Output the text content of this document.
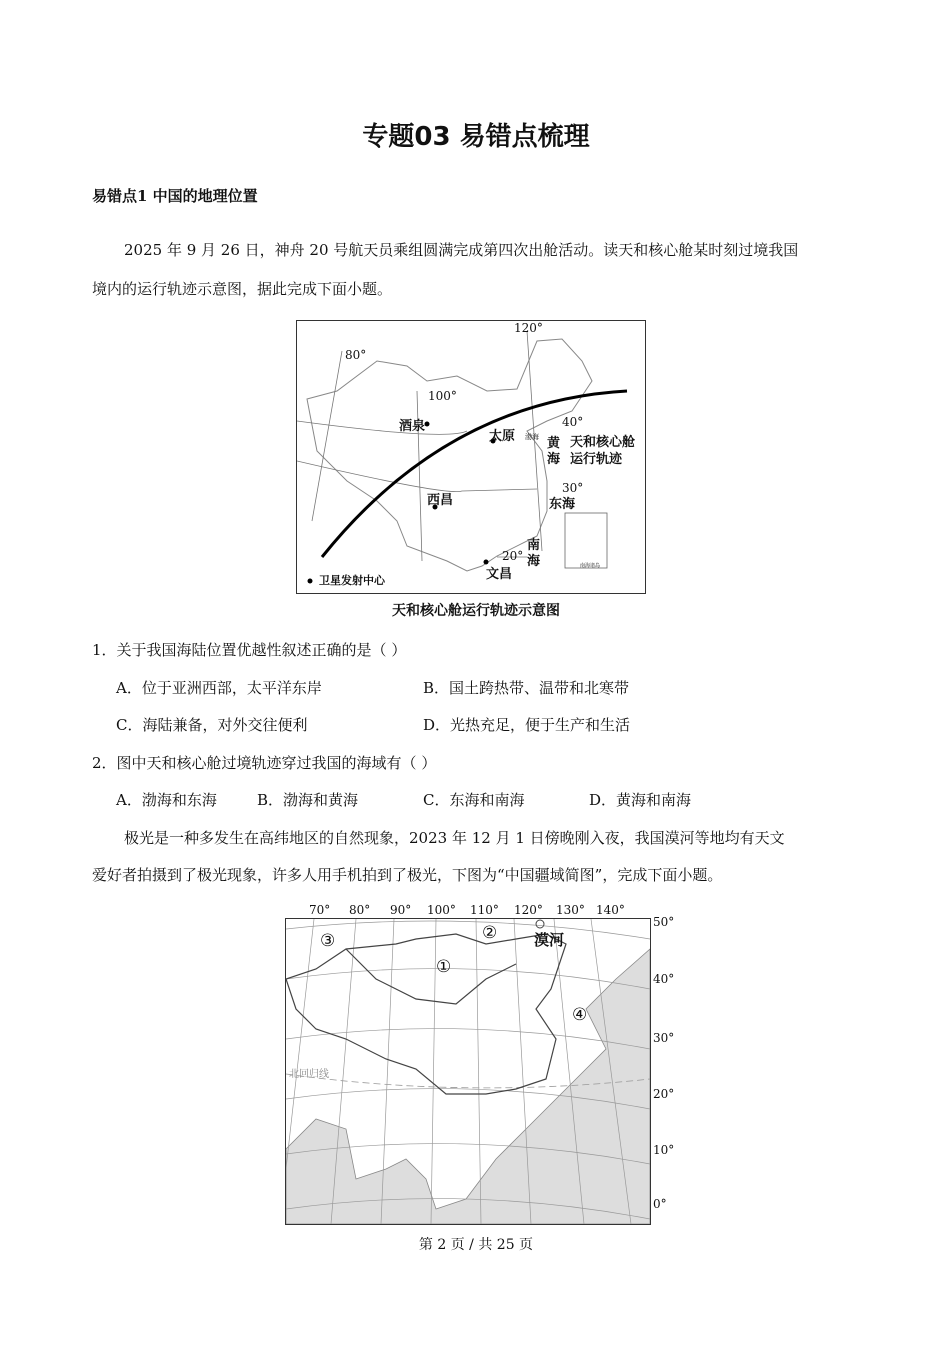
专题03 易错点梳理
易错点1 中国的地理位置
2025 年 9 月 26 日，神舟 20 号航天员乘组圆满完成第四次出舱活动。读天和核心舱某时刻过境我国
境内的运行轨迹示意图，据此完成下面小题。
80°
100°
120°
40°
30°
20°
酒泉
太原
西昌
文昌
黄海
东海
南海
渤海 天和核心舱
运行轨迹
卫星发射中心
南海诸岛
天和核心舱运行轨迹示意图
1．关于我国海陆位置优越性叙述正确的是（ ）
A．位于亚洲西部，太平洋东岸	B．国土跨热带、温带和北寒带
C．海陆兼备，对外交往便利	D．光热充足，便于生产和生活
2．图中天和核心舱过境轨迹穿过我国的海域有（ ）
A．渤海和东海	B．渤海和黄海	C．东海和南海	D．黄海和南海
极光是一种多发生在高纬地区的自然现象，2023 年 12 月 1 日傍晚刚入夜，我国漠河等地均有天文
爱好者拍摄到了极光现象，许多人用手机拍到了极光，下图为“中国疆域简图”，完成下面小题。
70° 80° 90° 100° 110° 120° 130° 140°
②
①
③
④
漠河
北回归线
50°
40°
30°
20°
10°
0°
第 2 页 / 共 25 页
